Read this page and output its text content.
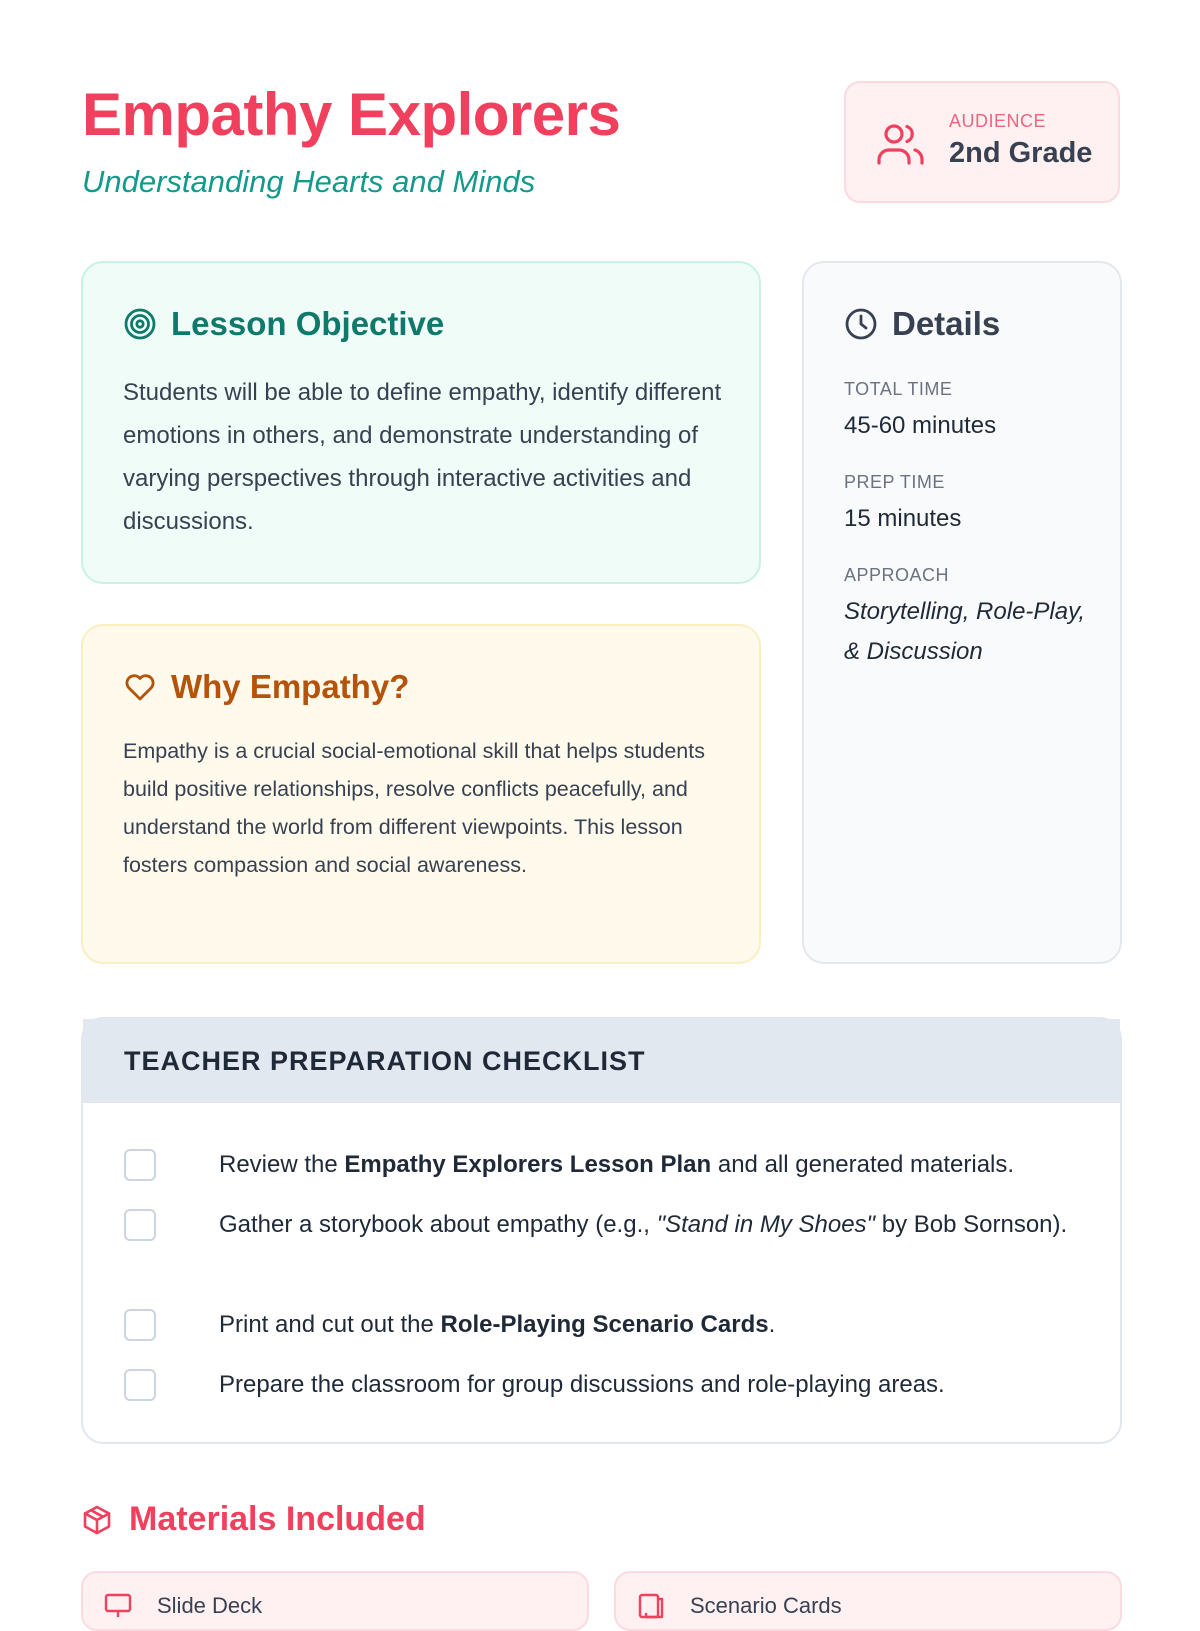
Empathy Explorers
Understanding Hearts and Minds
AUDIENCE
2nd Grade
Lesson Objective

Students will be able to define empathy, identify different emotions in others, and demonstrate understanding of varying perspectives through interactive activities and discussions.

Why Empathy?

Empathy is a crucial social-emotional skill that helps students build positive relationships, resolve conflicts peacefully, and understand the world from different viewpoints. This lesson fosters compassion and social awareness.

Details
TOTAL TIME
45-60 minutes
PREP TIME
15 minutes
APPROACH
Storytelling, Role-Play, & Discussion
TEACHER PREPARATION CHECKLIST
Review the Empathy Explorers Lesson Plan and all generated materials.
Gather a storybook about empathy (e.g., "Stand in My Shoes" by Bob Sornson).
Print and cut out the Role-Playing Scenario Cards.
Prepare the classroom for group discussions and role-playing areas.
Materials Included
Slide Deck	Scenario Cards
